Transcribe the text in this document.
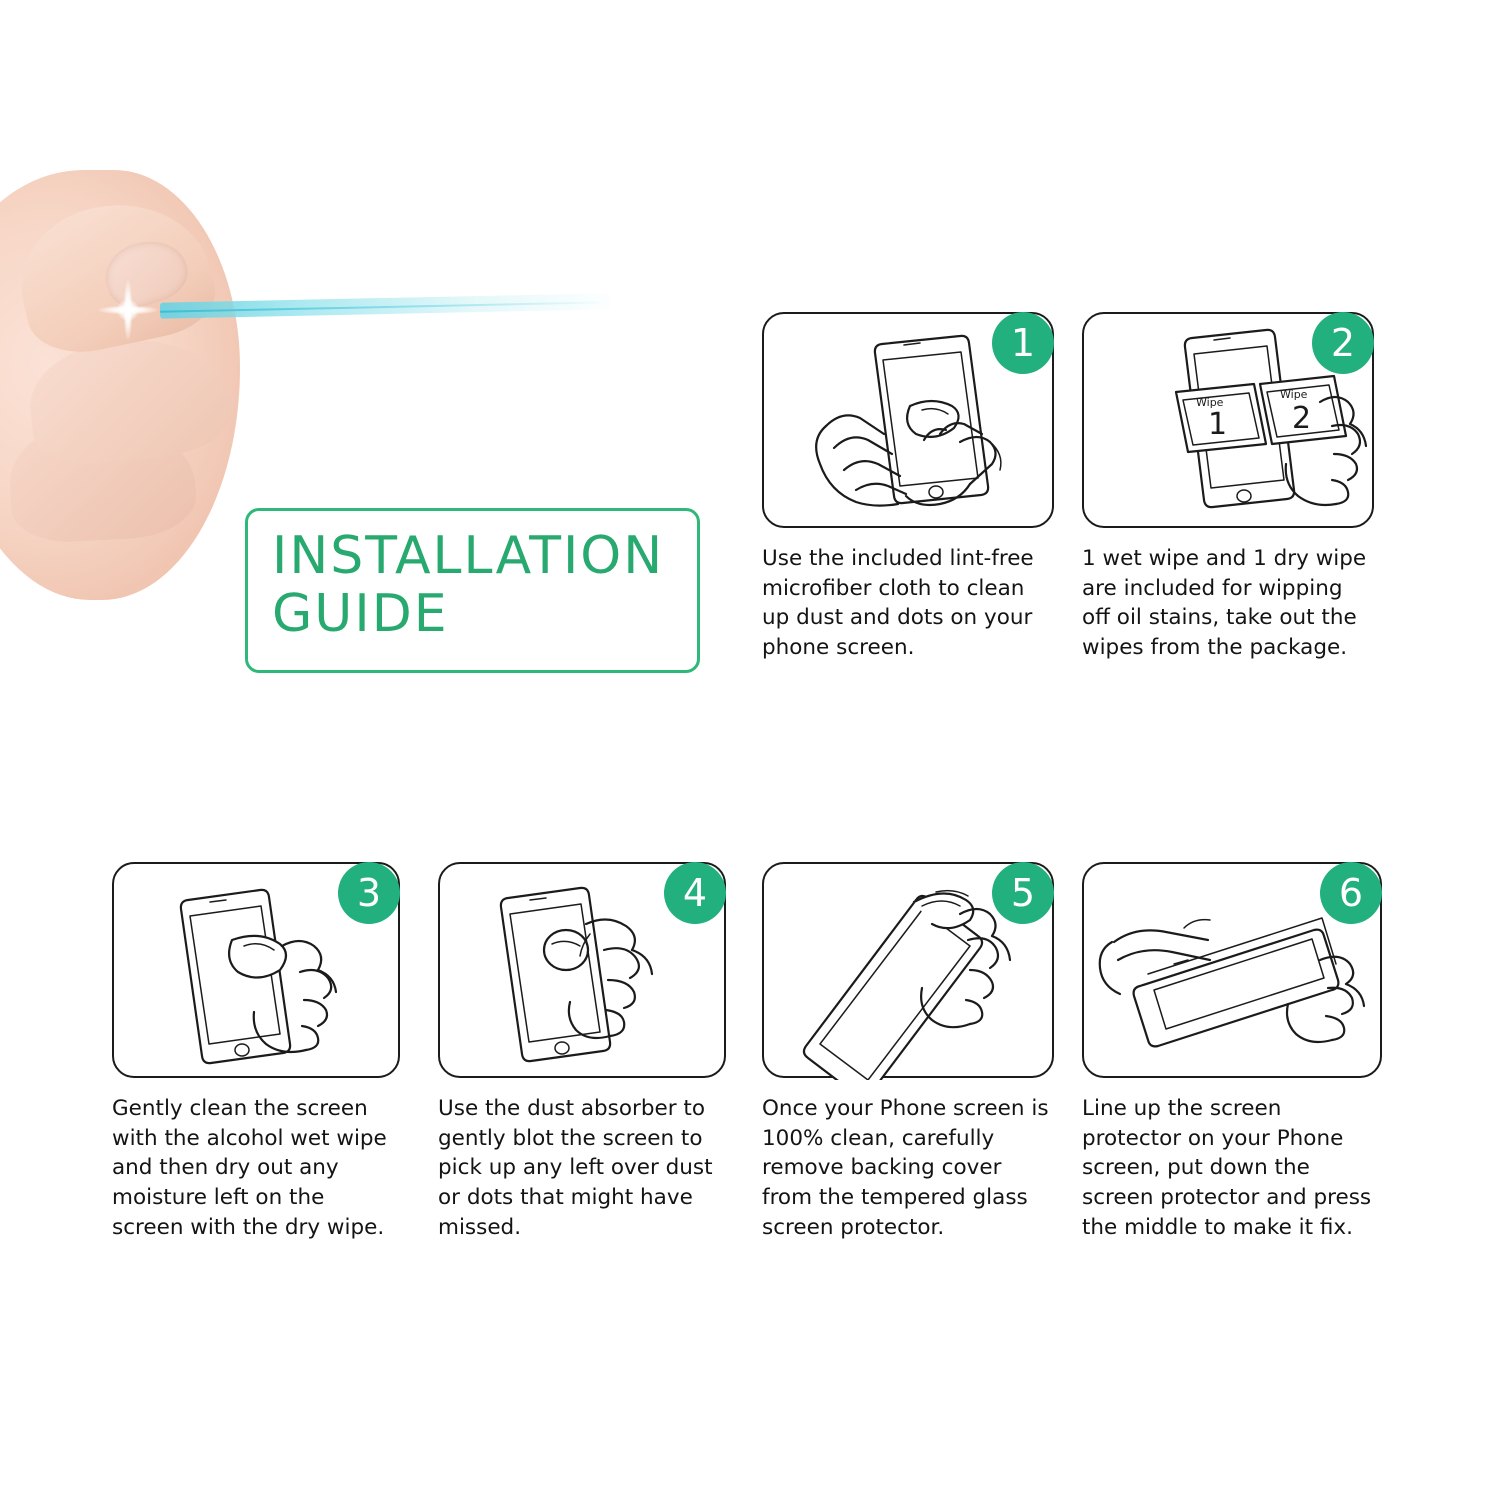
INSTALLATION
GUIDE
1
Use the included lint-free microfiber cloth to clean up dust and dots on your phone screen.
2
Wipe
1
Wipe
2
1 wet wipe and 1 dry wipe are included for wipping off oil stains, take out the wipes from the package.
3
Gently clean the screen with the alcohol wet wipe and then dry out any moisture left on the screen with the dry wipe.
4
Use the dust absorber to gently blot the screen to pick up any left over dust or dots that might have missed.
5
Once your Phone screen is 100% clean, carefully remove backing cover from the tempered glass screen protector.
6
Line up the screen protector on your Phone screen, put down the screen protector and press the middle to make it fix.
